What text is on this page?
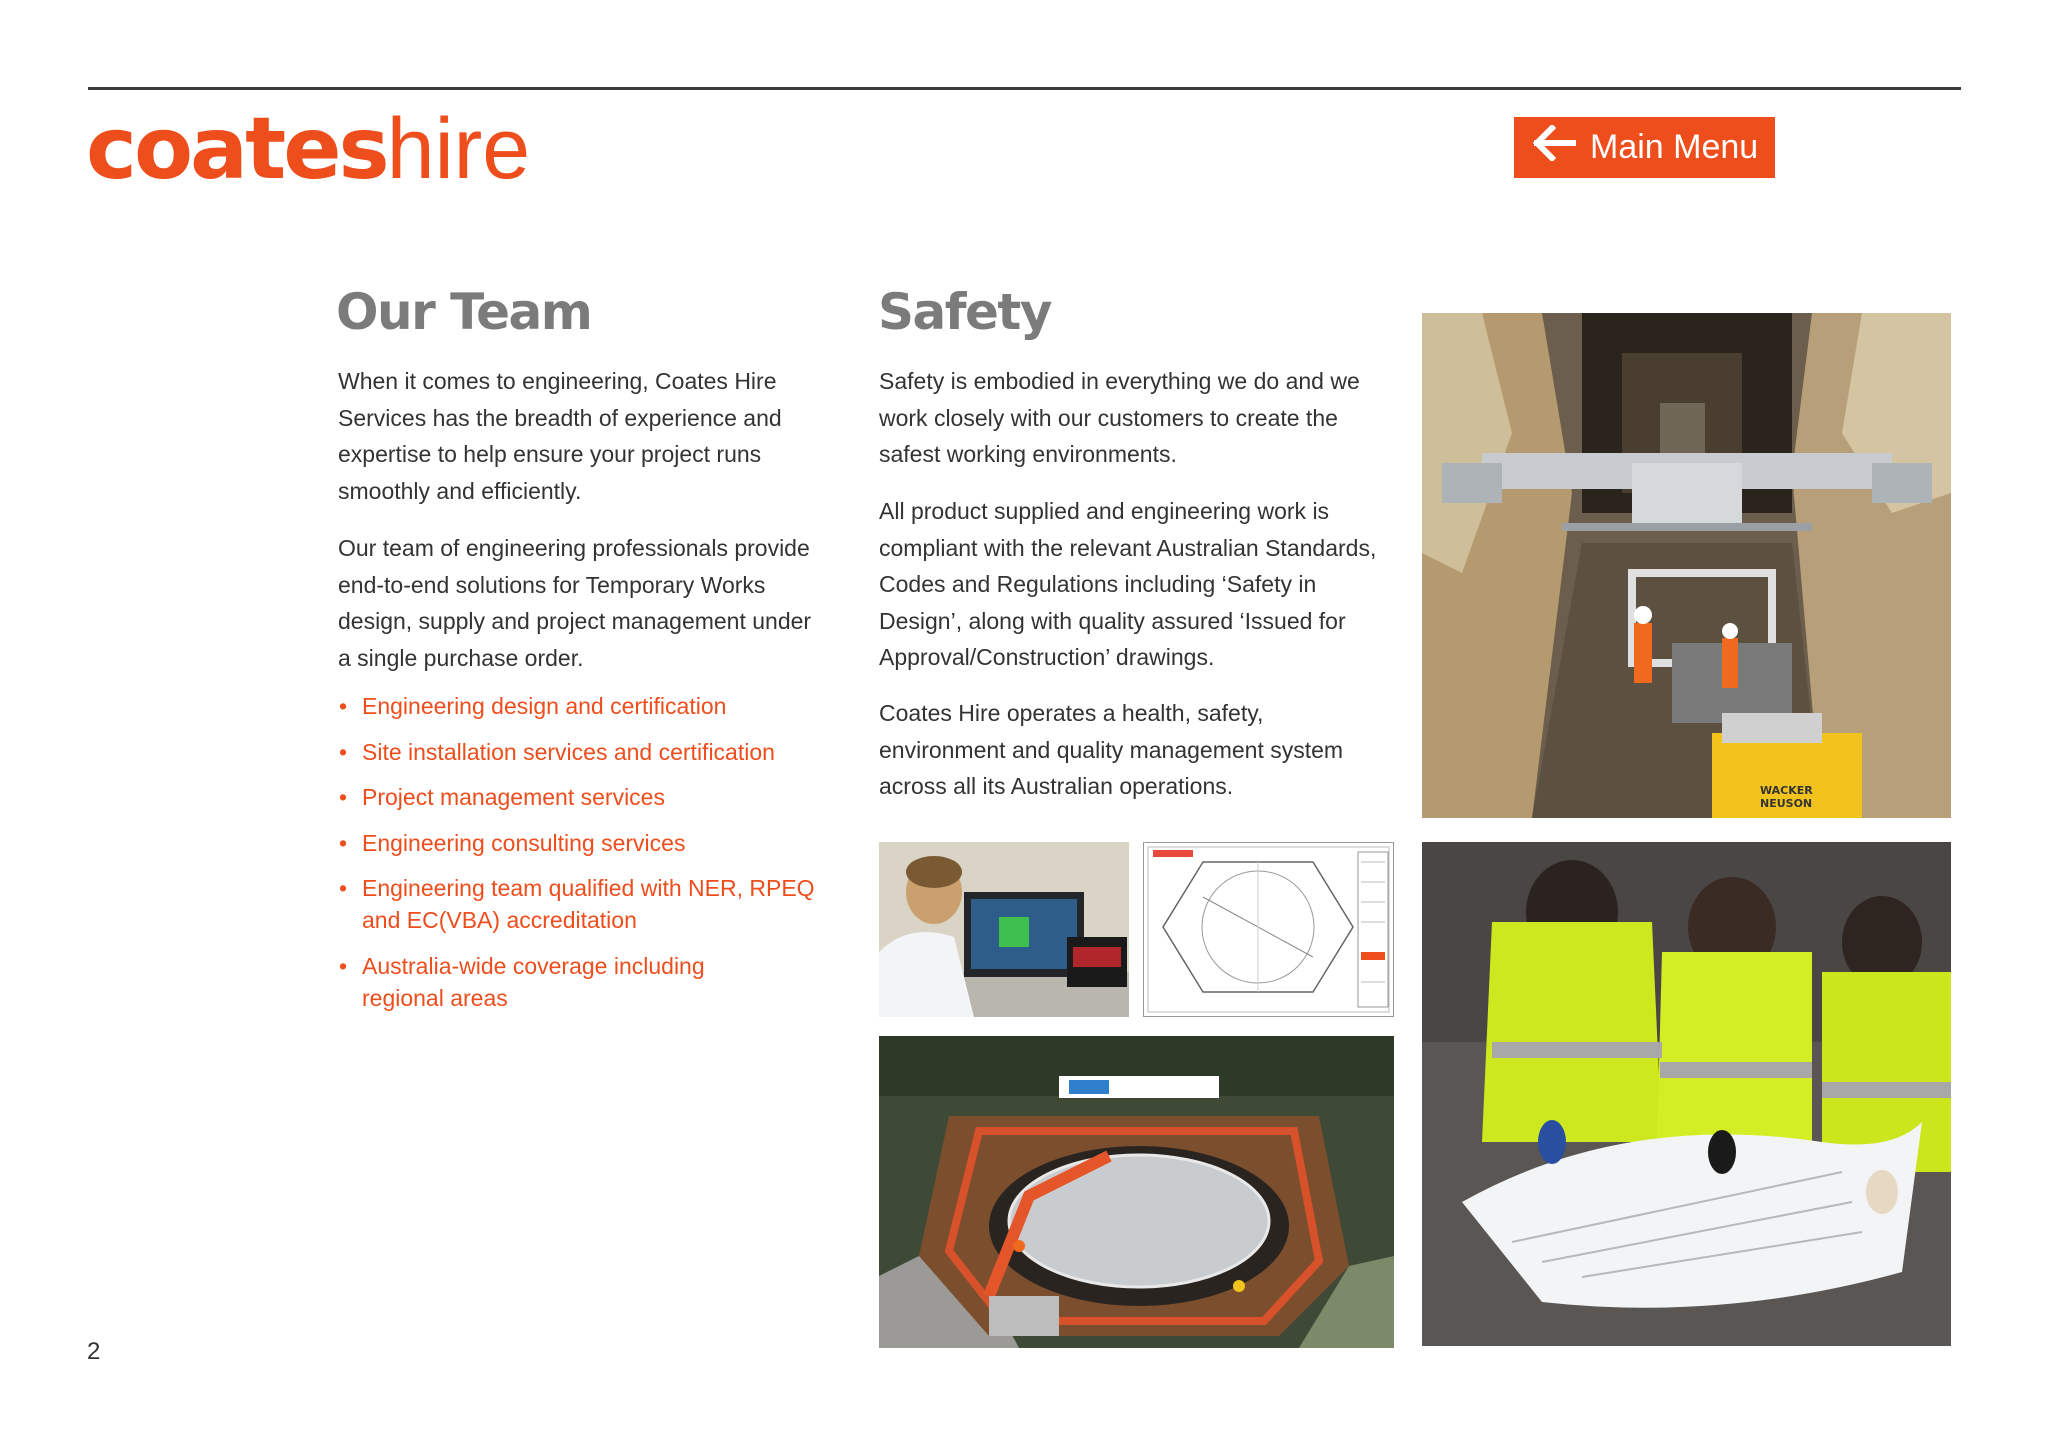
coateshire	Main Menu
Our Team

When it comes to engineering, Coates Hire
Services has the breadth of experience and
expertise to help ensure your project runs
smoothly and efficiently.

Our team of engineering professionals provide
end-to-end solutions for Temporary Works
design, supply and project management under
a single purchase order.

• Engineering design and certification
• Site installation services and certification
• Project management services
• Engineering consulting services
• Engineering team qualified with NER, RPEQ
and EC(VBA) accreditation
• Australia-wide coverage including
regional areas
Safety

Safety is embodied in everything we do and we
work closely with our customers to create the
safest working environments.

All product supplied and engineering work is
compliant with the relevant Australian Standards,
Codes and Regulations including ‘Safety in
Design’, along with quality assured ‘Issued for
Approval/Construction’ drawings.

Coates Hire operates a health, safety,
environment and quality management system
across all its Australian operations.	WACKER
NEUSON
2
